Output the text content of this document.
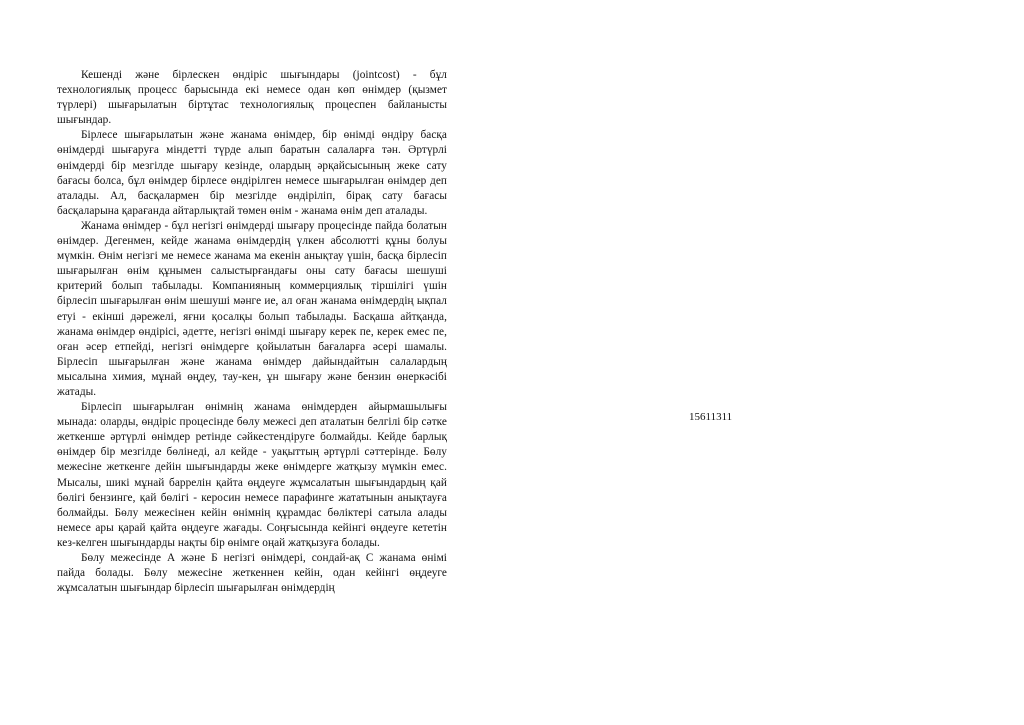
Кешенді және бірлескен өндіріс шығындары (jointcost) - бұл технологиялық процесс барысында екі немесе одан көп өнімдер (қызмет түрлері) шығарылатын біртұтас технологиялық процеспен байланысты шығындар.

Бірлесе шығарылатын және жанама өнімдер, бір өнімді өндіру басқа өнімдерді шығаруға міндетті түрде алып баратын салаларға тән. Әртүрлі өнімдерді бір мезгілде шығару кезінде, олардың әрқайсысының жеке сату бағасы болса, бұл өнімдер бірлесе өндірілген немесе шығарылған өнімдер деп аталады. Ал, басқалармен бір мезгілде өндіріліп, бірақ сату бағасы басқаларына қарағанда айтарлықтай төмен өнім - жанама өнім деп аталады.

Жанама өнімдер - бұл негізгі өнімдерді шығару процесінде пайда болатын өнімдер. Дегенмен, кейде жанама өнімдердің үлкен абсолютті құны болуы мүмкін. Өнім негізгі ме немесе жанама ма екенін анықтау үшін, басқа бірлесіп шығарылған өнім құнымен салыстырғандағы оны сату бағасы шешуші критерий болып табылады. Компанияның коммерциялық тіршілігі үшін бірлесіп шығарылған өнім шешуші мәнге ие, ал оған жанама өнімдердің ықпал етуі - екінші дәрежелі, яғни қосалқы болып табылады. Басқаша айтқанда, жанама өнімдер өндірісі, әдетте, негізгі өнімді шығару керек пе, керек емес пе, оған әсер етпейді, негізгі өнімдерге қойылатын бағаларға әсері шамалы. Бірлесіп шығарылған және жанама өнімдер дайындайтын салалардың мысалына химия, мұнай өңдеу, тау-кен, ұн шығару және бензин өнеркәсібі жатады.

Бірлесіп шығарылған өнімнің жанама өнімдерден айырмашылығы мынада: оларды, өндіріс процесінде бөлу межесі деп аталатын белгілі бір сәтке жеткенше әртүрлі өнімдер ретінде сәйкестендіруге болмайды. Кейде барлық өнімдер бір мезгілде бөлінеді, ал кейде - уақыттың әртүрлі сәттерінде. Бөлу межесіне жеткенге дейін шығындарды жеке өнімдерге жатқызу мүмкін емес. Мысалы, шикі мұнай баррелін қайта өңдеуге жұмсалатын шығындардың қай бөлігі бензинге, қай бөлігі - керосин немесе парафинге жататынын анықтауға болмайды. Бөлу межесінен кейін өнімнің құрамдас бөліктері сатыла алады немесе ары қарай қайта өңдеуге жағады. Соңғысында кейінгі өңдеуге кететін кез-келген шығындарды нақты бір өнімге оңай жатқызуға болады.

Бөлу межесінде А және Б негізгі өнімдері, сондай-ақ С жанама өнімі пайда болады. Бөлу межесіне жеткеннен кейін, одан кейінгі өңдеуге жұмсалатын шығындар бірлесіп шығарылған өнімдердің

15611311
